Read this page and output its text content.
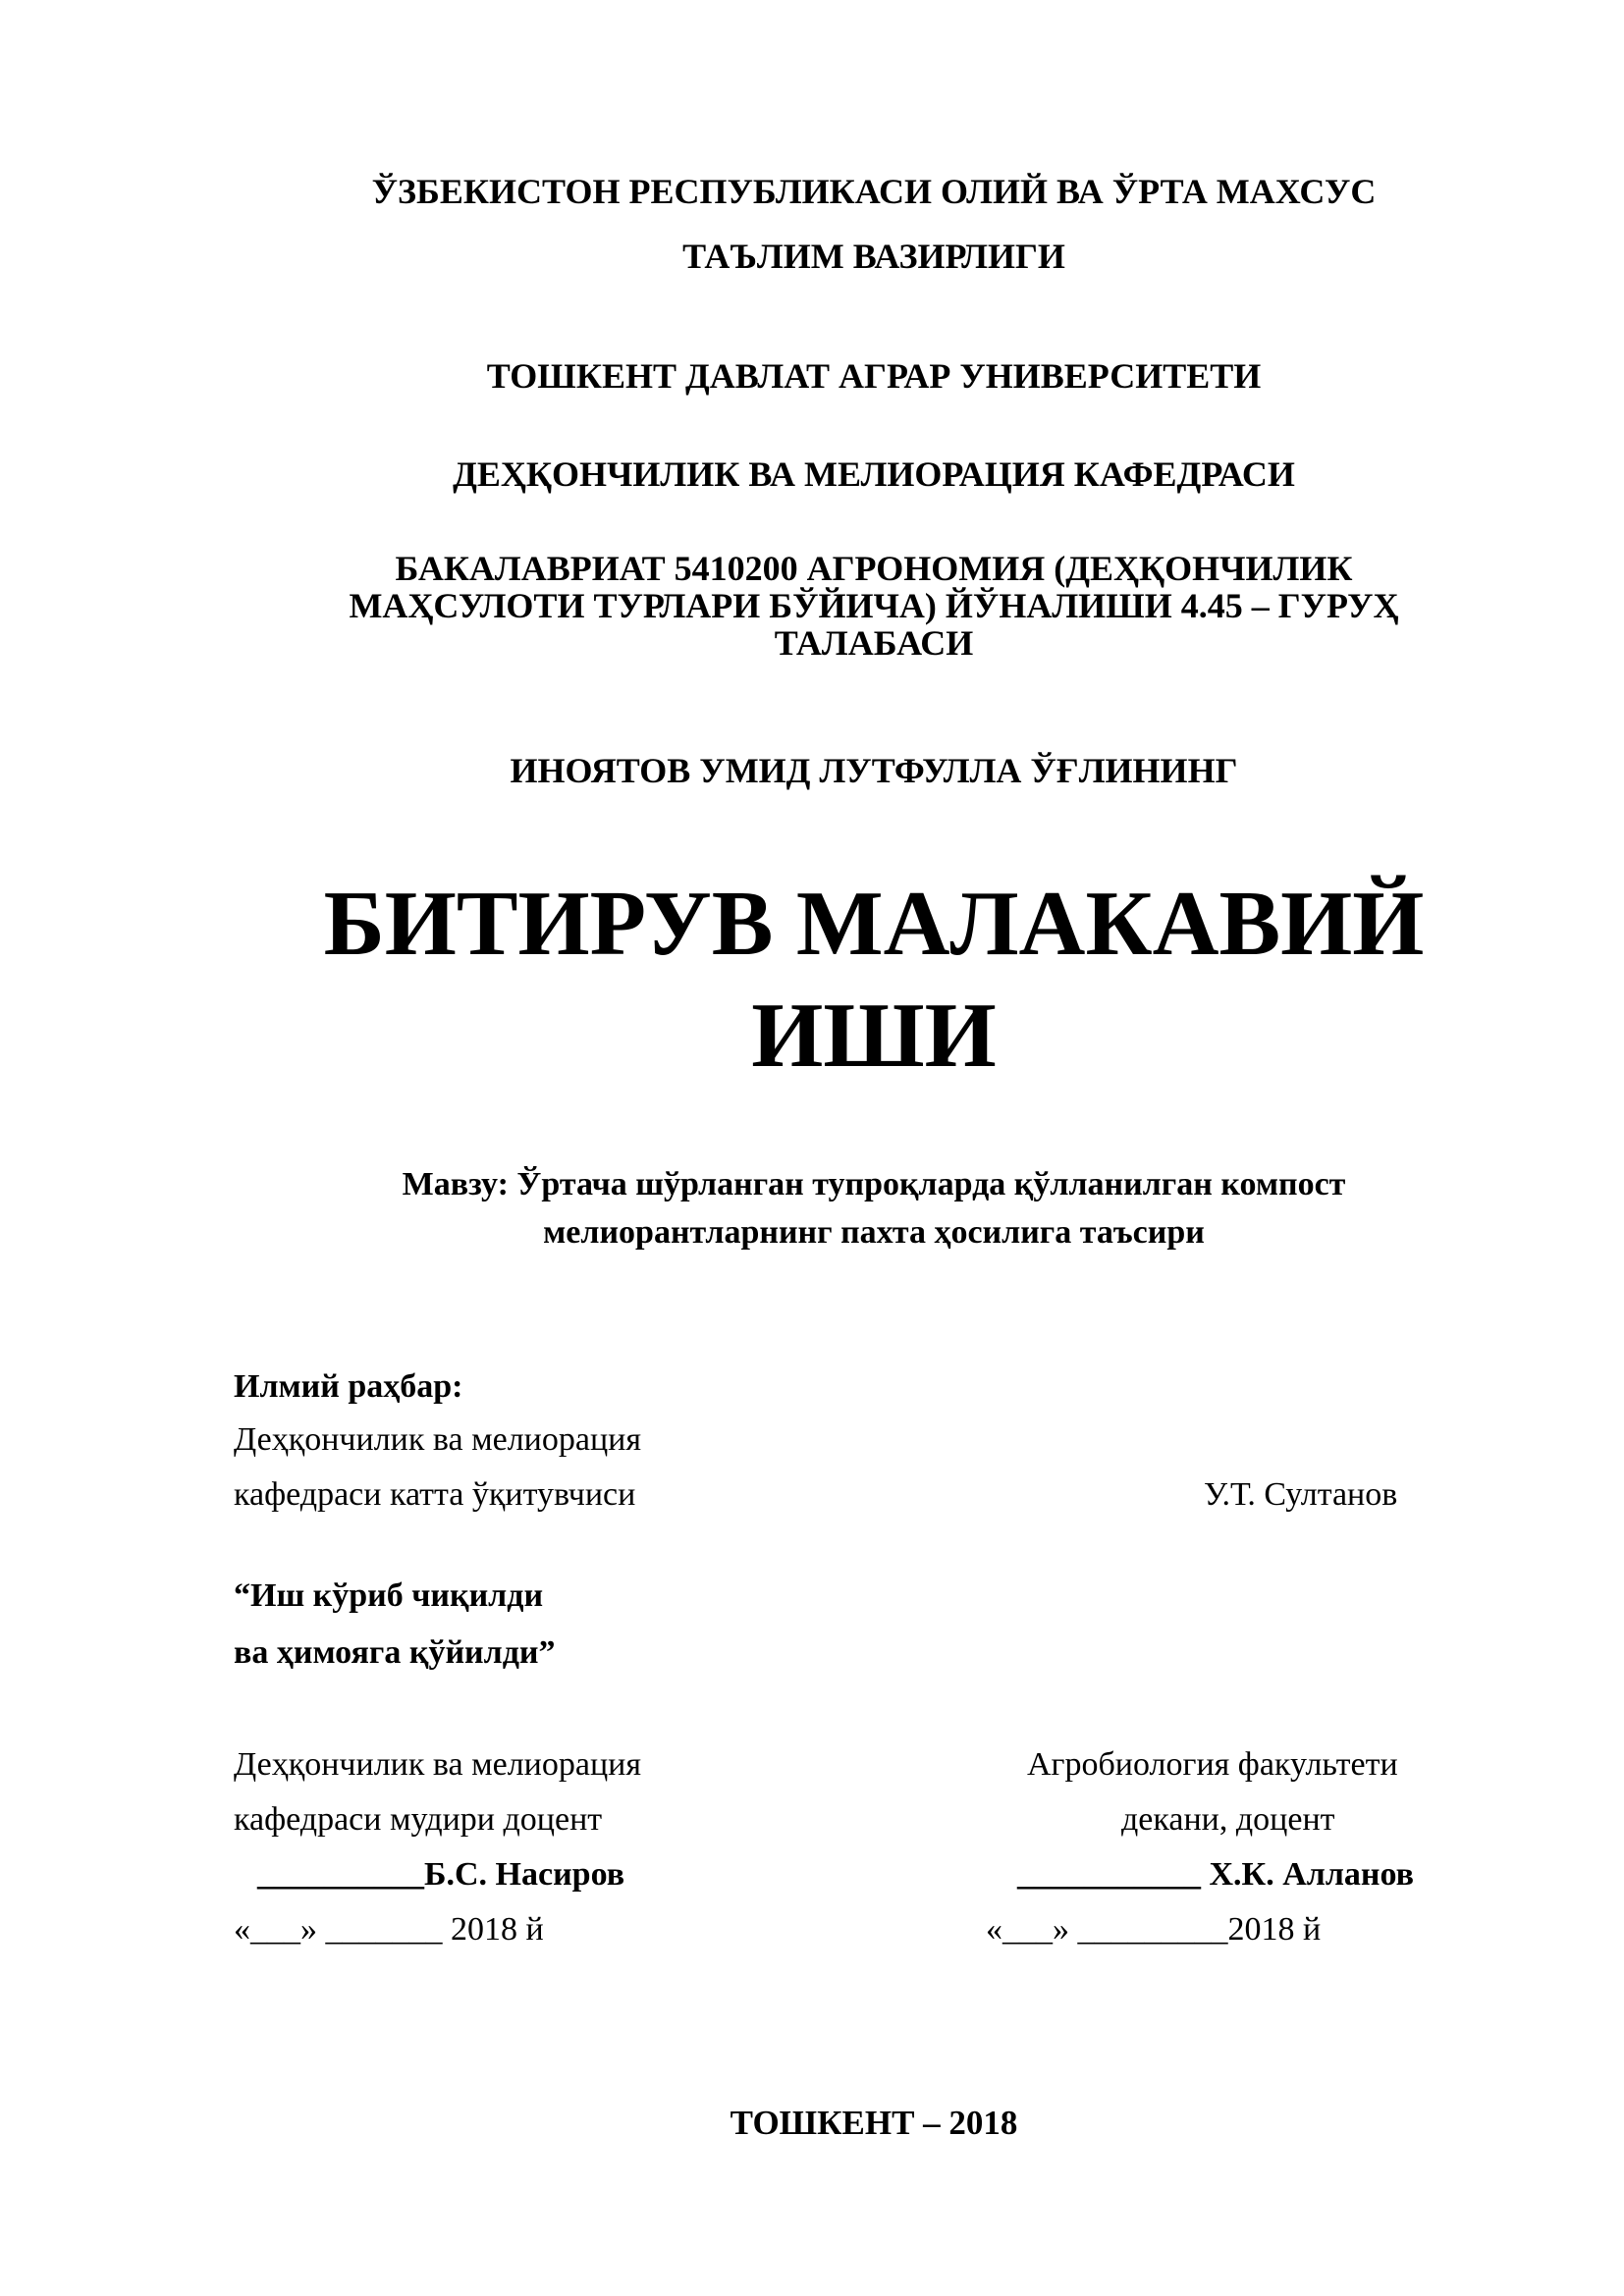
ЎЗБЕКИСТОН РЕСПУБЛИКАСИ ОЛИЙ ВА ЎРТА МАХСУС
ТАЪЛИМ ВАЗИРЛИГИ
ТОШКЕНТ ДАВЛАТ АГРАР УНИВЕРСИТЕТИ
ДЕҲҚОНЧИЛИК ВА МЕЛИОРАЦИЯ КАФЕДРАСИ
БАКАЛАВРИАТ 5410200 АГРОНОМИЯ (ДЕҲҚОНЧИЛИК
МАҲСУЛОТИ ТУРЛАРИ БЎЙИЧА) ЙЎНАЛИШИ 4.45 – ГУРУҲ
ТАЛАБАСИ
ИНОЯТОВ УМИД ЛУТФУЛЛА ЎҒЛИНИНГ
БИТИРУВ МАЛАКАВИЙ
ИШИ
Мавзу: Ўртача шўрланган тупроқларда қўлланилган компост
мелиорантларнинг пахта ҳосилига таъсири
Илмий раҳбар:
Деҳқончилик ва мелиорация
кафедраси катта ўқитувчиси	У.Т. Султанов
“Иш кўриб чиқилди
ва ҳимояга қўйилди”
Деҳқончилик ва мелиорация
кафедраси мудири доцент
__________Б.С. Насиров
«___» _______ 2018 й
Агробиология факультети
декани, доцент
___________ Х.К. Алланов
«___» _________2018 й
ТОШКЕНТ – 2018
